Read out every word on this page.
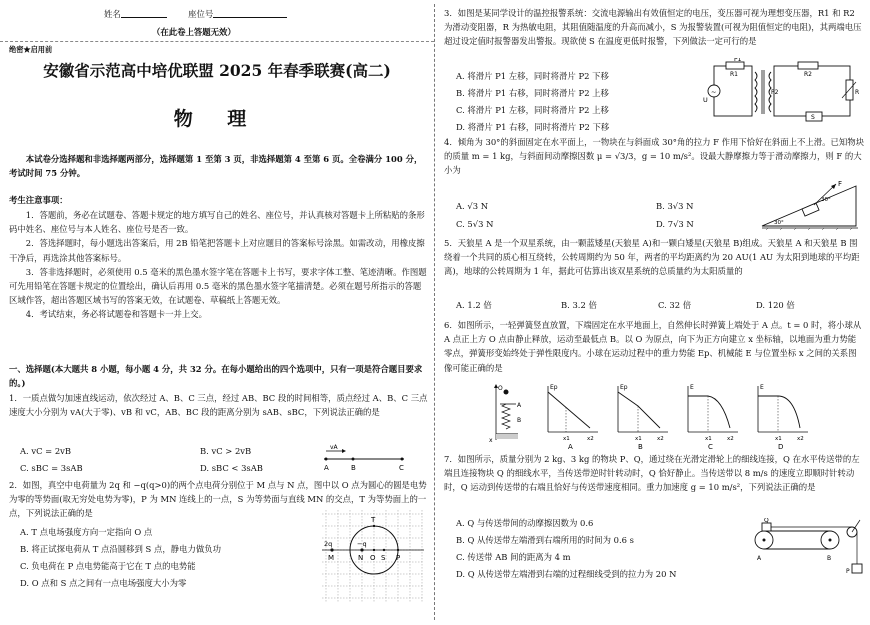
姓名	座位号
（在此卷上答题无效）
绝密★启用前
安徽省示范高中培优联盟 2025 年春季联赛(高二)
物 理

本试卷分选择题和非选择题两部分，选择题第 1 至第 3 页，非选择题第 4 至第 6 页。全卷满分 100 分，考试时间 75 分钟。

考生注意事项：

1．答题前，务必在试题卷、答题卡规定的地方填写自己的姓名、座位号，并认真核对答题卡上所粘贴的条形码中姓名、座位号与本人姓名、座位号是否一致。

2．答选择题时，每小题选出答案后，用 2B 铅笔把答题卡上对应题目的答案标号涂黑。如需改动，用橡皮擦干净后，再选涂其他答案标号。

3．答非选择题时，必须使用 0.5 毫米的黑色墨水签字笔在答题卡上书写，要求字体工整、笔迹清晰。作图题可先用铅笔在答题卡规定的位置绘出，确认后再用 0.5 毫米的黑色墨水签字笔描清楚。必须在题号所指示的答题区域作答，超出答题区域书写的答案无效，在试题卷、草稿纸上答题无效。

4．考试结束，务必将试题卷和答题卡一并上交。

一、选择题(本大题共 8 小题，每小题 4 分，共 32 分。在每小题给出的四个选项中，只有一项是符合题目要求的。)

1．一质点做匀加速直线运动，依次经过 A、B、C 三点，经过 AB、BC 段的时间相等，质点经过 A、B、C 三点速度大小分别为 vA(大于零)、vB 和 vC，AB、BC 段的距离分别为 sAB、sBC，下列说法正确的是

A. vC = 2vB	B. vC > 2vB
C. sBC = 3sAB	D. sBC < 3sAB
vA
A	B	C

2．如图，真空中电荷量为 2q 和 −q(q>0)的两个点电荷分别位于 M 点与 N 点，图中以 O 点为圆心的圆是电势为零的等势面(取无穷处电势为零)，P 为 MN 连线上的一点，S 为等势面与直线 MN 的交点，T 为等势面上的一点，下列说法正确的是

A. T 点电场强度方向一定指向 O 点
B. 将正试探电荷从 T 点沿圆移到 S 点，静电力做负功
C. 负电荷在 P 点电势能高于它在 T 点的电势能
D. O 点和 S 点之间有一点电场强度大小为零
T
2q	−q
M	O S P
N

3．如图是某同学设计的温控报警系统：交流电源输出有效值恒定的电压，变压器可视为理想变压器，R1 和 R2 为滑动变阻器，R 为热敏电阻，其阻值随温度的升高而减小，S 为报警装置(可视为阻值恒定的电阻)，其两端电压超过设定值时报警器发出警报。现欲使 S 在温度更低时报警，下列做法一定可行的是

A. 将滑片 P1 左移，同时将滑片 P2 下移
B. 将滑片 P1 右移，同时将滑片 P2 上移
C. 将滑片 P1 左移，同时将滑片 P2 上移
D. 将滑片 P1 右移，同时将滑片 P2 下移
~
U
R1
P1
P2
R2
R
S

4．倾角为 30°的斜面固定在水平面上，一物块在与斜面成 30°角的拉力 F 作用下恰好在斜面上不上滑。已知物块的质量 m = 1 kg，与斜面间动摩擦因数 μ = √3/3，g = 10 m/s²。设最大静摩擦力等于滑动摩擦力，则 F 的大小为

A. √3 N	B. 3√3 N
C. 5√3 N	D. 7√3 N
F
30°
30°

5．天狼星 A 是一个双星系统，由一颗蓝矮星(天狼星 A)和一颗白矮星(天狼星 B)组成。天狼星 A 和天狼星 B 围绕着一个共同的质心相互绕转，公转周期约为 50 年，两者的平均距离约为 20 AU(1 AU 为太阳到地球的平均距离)，地球的公转周期为 1 年，据此可估算出该双星系统的总质量约为太阳质量的

A. 1.2 倍	B. 3.2 倍	C. 32 倍	D. 120 倍

6．如图所示，一轻弹簧竖直放置，下端固定在水平地面上，自然伸长时弹簧上端处于 A 点。t = 0 时，将小球从 A 点正上方 O 点由静止释放，运动至最低点 B。以 O 为原点，向下为正方向建立 x 坐标轴，以地面为重力势能零点，弹簧形变始终处于弹性限度内。小球在运动过程中的重力势能 Ep、机械能 E 与位置坐标 x 之间的关系图像可能正确的是

O
x
A
B
Ep
x1	x2
A
Ep
x1	x2
B
E
x1	x2
C
E
x1	x2
D

7．如图所示，质量分别为 2 kg、3 kg 的物块 P、Q，通过绕在光滑定滑轮上的细线连接，Q 在水平传送带的左端且连接物块 Q 的细线水平，当传送带逆时针转动时，Q 恰好静止。当传送带以 8 m/s 的速度立即顺时针转动时，Q 运动到传送带的右端且恰好与传送带速度相同。重力加速度 g = 10 m/s²，下列说法正确的是

A. Q 与传送带间的动摩擦因数为 0.6
B. Q 从传送带左端滑到右端所用的时间为 0.6 s
C. 传送带 AB 间的距离为 4 m
D. Q 从传送带左端滑到右端的过程细线受到的拉力为 20 N
Q
A	B
P
